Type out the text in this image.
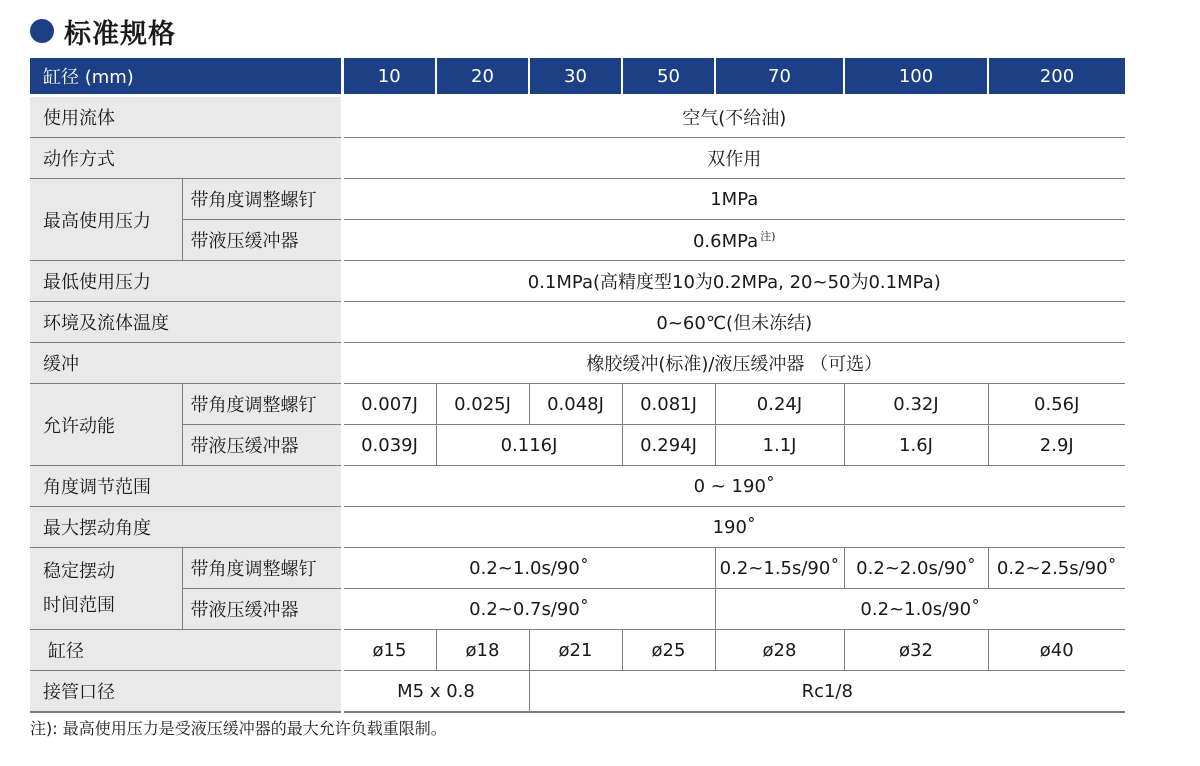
标准规格
缸径 (mm)		10	20	30	50	70	100	200
使用流体		空气(不给油)						
动作方式		双作用						
最高使用压力	带角度调整螺钉	1MPa						
	带液压缓冲器	0.6MPa $^{注)}$
最低使用压力		0.1MPa(高精度型10为0.2MPa, 20~50为0.1MPa)						
环境及流体温度		0~60℃(但未冻结)						
缓冲		橡胶缓冲(标准)/液压缓冲器 （可选）						
允许动能	带角度调整螺钉	0.007J	0.025J	0.048J	0.081J	0.24J	0.32J	0.56J
	带液压缓冲器	0.039J	0.116J		0.294J	1.1J	1.6J	2.9J
角度调节范围		0 ~ 190˚						
最大摆动角度		190˚						

稳定摆动
时间范围	带角度调整螺钉	0.2~1.0s/90˚				0.2~1.5s/90˚	0.2~2.0s/90˚	0.2~2.5s/90˚
	带液压缓冲器	0.2~0.7s/90˚				0.2~1.0s/90˚		
缸径		ø15	ø18	ø21	ø25	ø28	ø32	ø40
接管口径		M5 x 0.8		Rc1/8				
注): 最高使用压力是受液压缓冲器的最大允许负载重限制。
